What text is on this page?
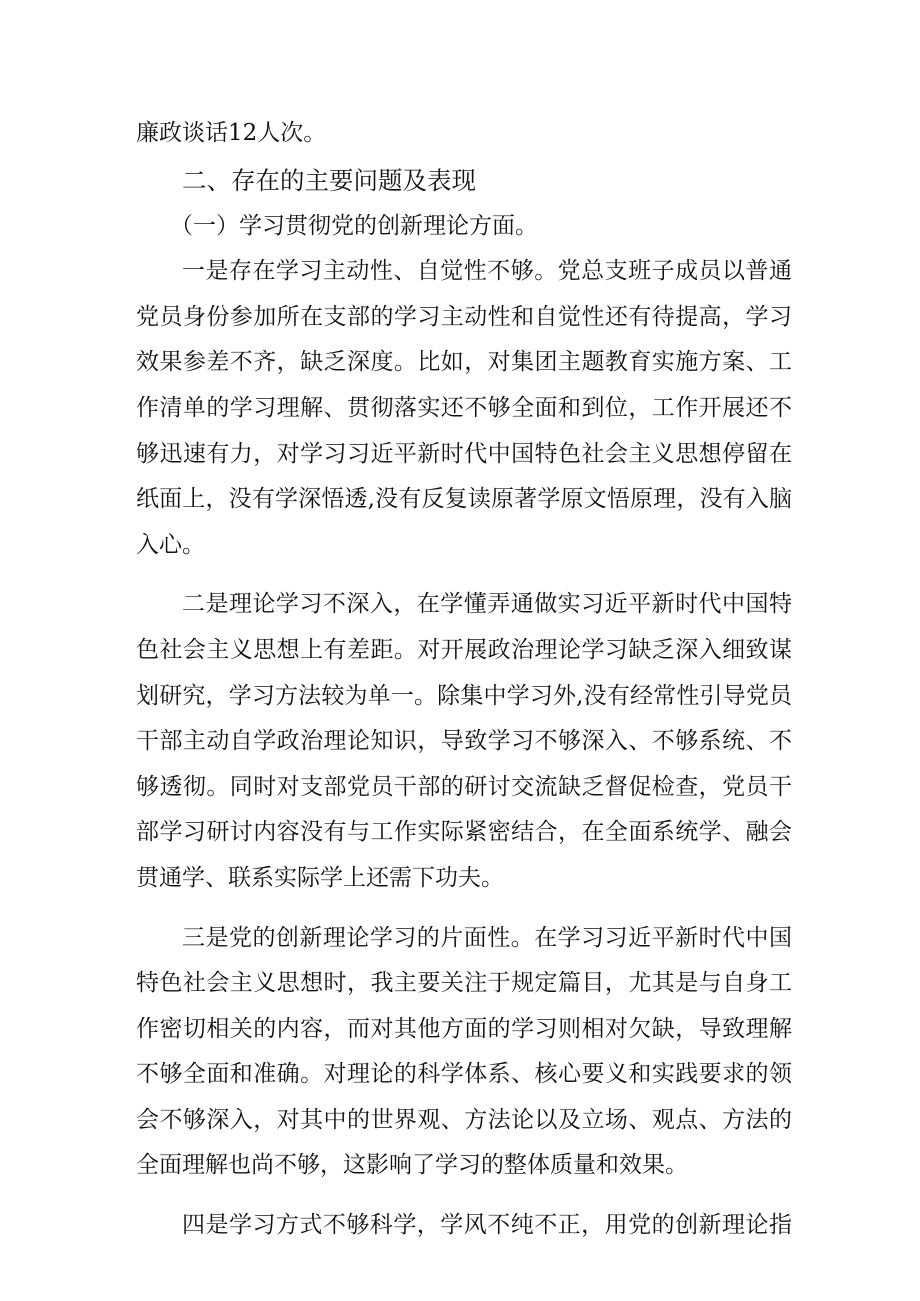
廉政谈话12人次。
二、存在的主要问题及表现
（一）学习贯彻党的创新理论方面。
一是存在学习主动性、自觉性不够。党总支班子成员以普通
党员身份参加所在支部的学习主动性和自觉性还有待提高，学习
效果参差不齐，缺乏深度。比如，对集团主题教育实施方案、工
作清单的学习理解、贯彻落实还不够全面和到位，工作开展还不
够迅速有力，对学习习近平新时代中国特色社会主义思想停留在
纸面上，没有学深悟透,没有反复读原著学原文悟原理，没有入脑
入心。
二是理论学习不深入，在学懂弄通做实习近平新时代中国特
色社会主义思想上有差距。对开展政治理论学习缺乏深入细致谋
划研究，学习方法较为单一。除集中学习外,没有经常性引导党员
干部主动自学政治理论知识，导致学习不够深入、不够系统、不
够透彻。同时对支部党员干部的研讨交流缺乏督促检查，党员干
部学习研讨内容没有与工作实际紧密结合，在全面系统学、融会
贯通学、联系实际学上还需下功夫。
三是党的创新理论学习的片面性。在学习习近平新时代中国
特色社会主义思想时，我主要关注于规定篇目，尤其是与自身工
作密切相关的内容，而对其他方面的学习则相对欠缺，导致理解
不够全面和准确。对理论的科学体系、核心要义和实践要求的领
会不够深入，对其中的世界观、方法论以及立场、观点、方法的
全面理解也尚不够，这影响了学习的整体质量和效果。
四是学习方式不够科学，学风不纯不正，用党的创新理论指
